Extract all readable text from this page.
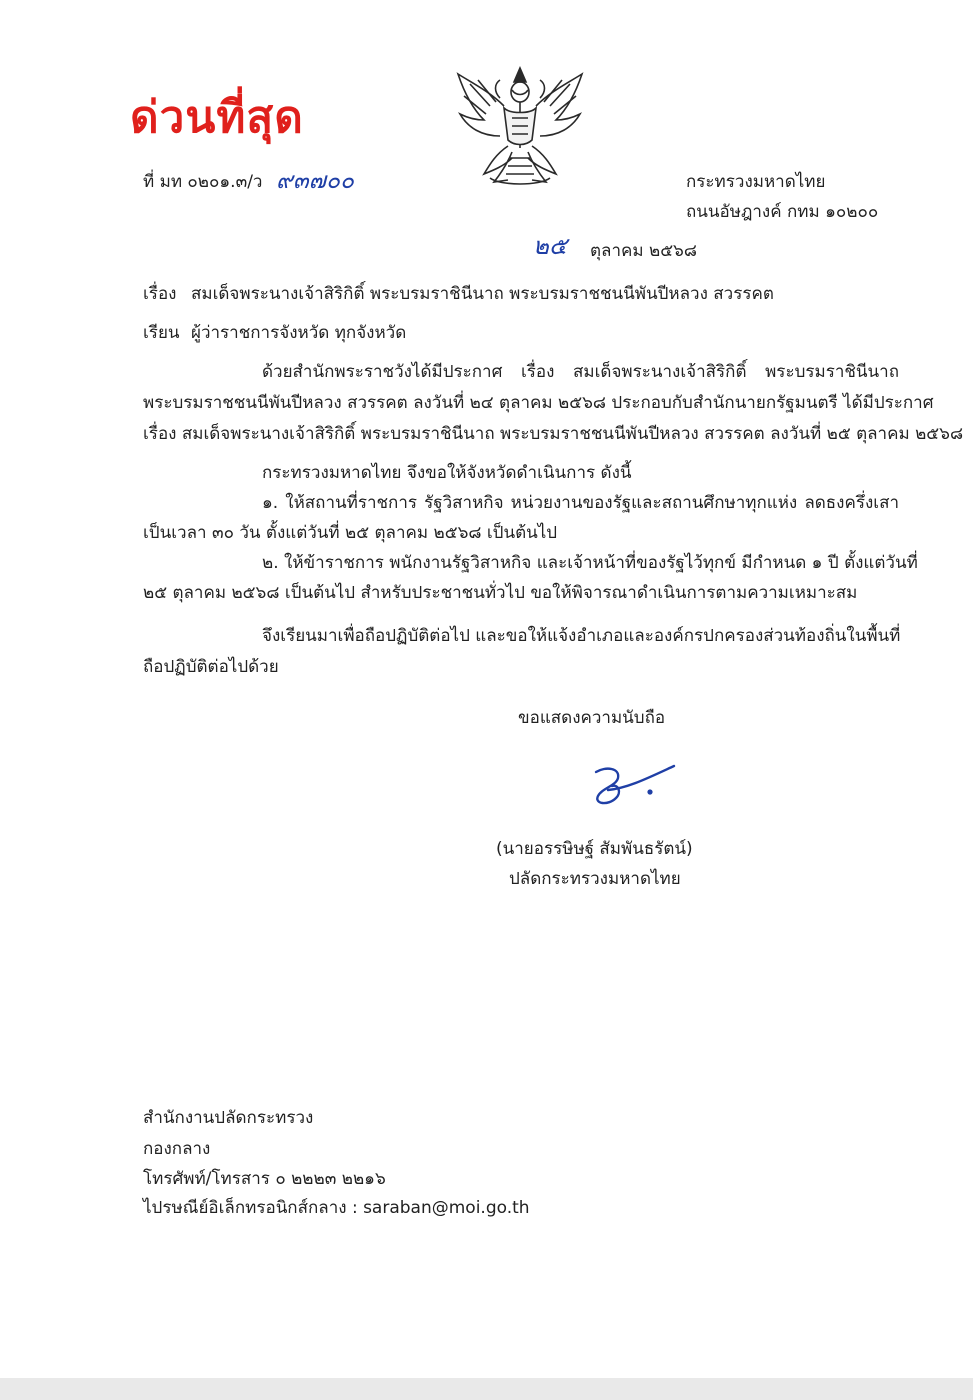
ด่วนที่สุด
ที่ มท ๐๒๐๑.๓/ว ๙๓๗๐๐	กระทรวงมหาดไทย
ถนนอัษฎางค์ กทม ๑๐๒๐๐
๒๕ ตุลาคม ๒๕๖๘
เรื่อง สมเด็จพระนางเจ้าสิริกิติ์ พระบรมราชินีนาถ พระบรมราชชนนีพันปีหลวง สวรรคต
เรียน ผู้ว่าราชการจังหวัด ทุกจังหวัด
ด้วยสำนักพระราชวังได้มีประกาศ เรื่อง สมเด็จพระนางเจ้าสิริกิติ์ พระบรมราชินีนาถ
พระบรมราชชนนีพันปีหลวง สวรรคต ลงวันที่ ๒๔ ตุลาคม ๒๕๖๘ ประกอบกับสำนักนายกรัฐมนตรี ได้มีประกาศ
เรื่อง สมเด็จพระนางเจ้าสิริกิติ์ พระบรมราชินีนาถ พระบรมราชชนนีพันปีหลวง สวรรคต ลงวันที่ ๒๕ ตุลาคม ๒๕๖๘
กระทรวงมหาดไทย จึงขอให้จังหวัดดำเนินการ ดังนี้
๑. ให้สถานที่ราชการ รัฐวิสาหกิจ หน่วยงานของรัฐและสถานศึกษาทุกแห่ง ลดธงครึ่งเสา
เป็นเวลา ๓๐ วัน ตั้งแต่วันที่ ๒๕ ตุลาคม ๒๕๖๘ เป็นต้นไป
๒. ให้ข้าราชการ พนักงานรัฐวิสาหกิจ และเจ้าหน้าที่ของรัฐไว้ทุกข์ มีกำหนด ๑ ปี ตั้งแต่วันที่
๒๕ ตุลาคม ๒๕๖๘ เป็นต้นไป สำหรับประชาชนทั่วไป ขอให้พิจารณาดำเนินการตามความเหมาะสม
จึงเรียนมาเพื่อถือปฏิบัติต่อไป และขอให้แจ้งอำเภอและองค์กรปกครองส่วนท้องถิ่นในพื้นที่
ถือปฏิบัติต่อไปด้วย
ขอแสดงความนับถือ
(นายอรรษิษฐ์ สัมพันธรัตน์)
ปลัดกระทรวงมหาดไทย
สำนักงานปลัดกระทรวง
กองกลาง
โทรศัพท์/โทรสาร ๐ ๒๒๒๓ ๒๒๑๖
ไปรษณีย์อิเล็กทรอนิกส์กลาง : saraban@moi.go.th
